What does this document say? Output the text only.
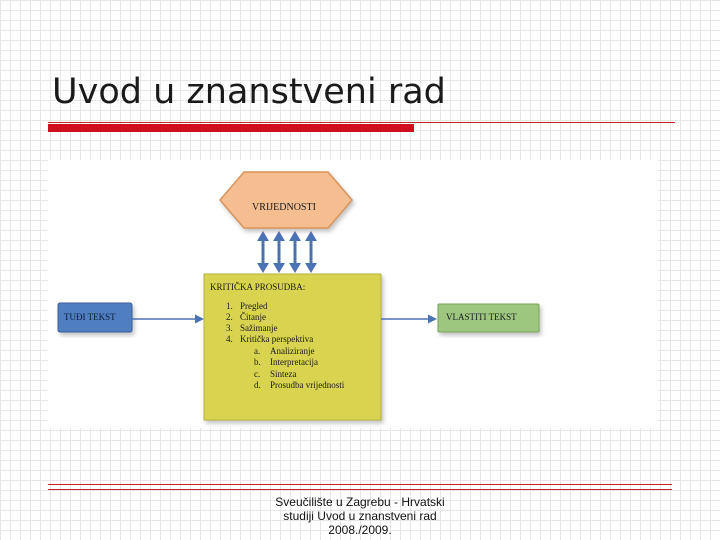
Uvod u znanstveni rad
VRIJEDNOSTI
TUĐI TEKST
KRITIČKA PROSUDBA:
1. Pregled
2. Čitanje
3. Sažimanje
4. Kritička perspektiva
a. Analiziranje
b. Interpretacija
c. Sinteza
d. Prosudba vrijednosti
VLASTITI TEKST
Sveučilište u Zagrebu - Hrvatski
studiji Uvod u znanstveni rad
2008./2009.
